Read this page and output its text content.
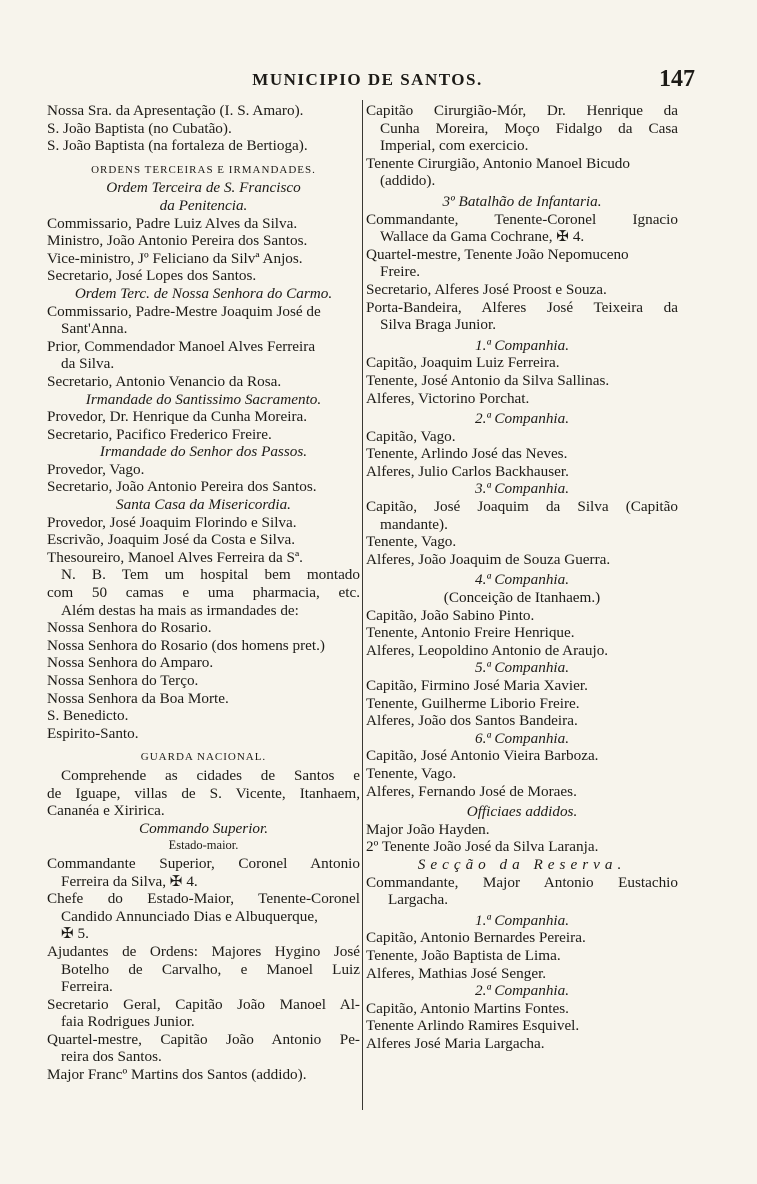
MUNICIPIO DE SANTOS.	147
Nossa Sra. da Apresentação (I. S. Amaro).
S. João Baptista (no Cubatão).
S. João Baptista (na fortaleza de Bertioga).
ORDENS TERCEIRAS E IRMANDADES.
Ordem Terceira de S. Francisco
da Penitencia.
Commissario, Padre Luiz Alves da Silva.
Ministro, João Antonio Pereira dos Santos.
Vice-ministro, Jº Feliciano da Silvª Anjos.
Secretario, José Lopes dos Santos.
Ordem Terc. de Nossa Senhora do Carmo.
Commissario, Padre-Mestre Joaquim José de
Sant'Anna.
Prior, Commendador Manoel Alves Ferreira
da Silva.
Secretario, Antonio Venancio da Rosa.
Irmandade do Santissimo Sacramento.
Provedor, Dr. Henrique da Cunha Moreira.
Secretario, Pacifico Frederico Freire.
Irmandade do Senhor dos Passos.
Provedor, Vago.
Secretario, João Antonio Pereira dos Santos.
Santa Casa da Misericordia.
Provedor, José Joaquim Florindo e Silva.
Escrivão, Joaquim José da Costa e Silva.
Thesoureiro, Manoel Alves Ferreira da Sª.
N. B. Tem um hospital bem montado
com 50 camas e uma pharmacia, etc.
Além destas ha mais as irmandades de:
Nossa Senhora do Rosario.
Nossa Senhora do Rosario (dos homens pret.)
Nossa Senhora do Amparo.
Nossa Senhora do Terço.
Nossa Senhora da Boa Morte.
S. Benedicto.
Espirito-Santo.
GUARDA NACIONAL.
Comprehende as cidades de Santos e
de Iguape, villas de S. Vicente, Itanhaem,
Cananéa e Xiririca.
Commando Superior.
Estado-maior.
Commandante Superior, Coronel Antonio
Ferreira da Silva, ✠ 4.
Chefe do Estado-Maior, Tenente-Coronel
Candido Annunciado Dias e Albuquerque,
✠ 5.
Ajudantes de Ordens: Majores Hygino José
Botelho de Carvalho, e Manoel Luiz
Ferreira.
Secretario Geral, Capitão João Manoel Al-
faia Rodrigues Junior.
Quartel-mestre, Capitão João Antonio Pe-
reira dos Santos.
Major Francº Martins dos Santos (addido).
Capitão Cirurgião-Mór, Dr. Henrique da
Cunha Moreira, Moço Fidalgo da Casa
Imperial, com exercicio.
Tenente Cirurgião, Antonio Manoel Bicudo
(addido).
3º Batalhão de Infantaria.
Commandante, Tenente-Coronel Ignacio
Wallace da Gama Cochrane, ✠ 4.
Quartel-mestre, Tenente João Nepomuceno
Freire.
Secretario, Alferes José Proost e Souza.
Porta-Bandeira, Alferes José Teixeira da
Silva Braga Junior.
1.ª Companhia.
Capitão, Joaquim Luiz Ferreira.
Tenente, José Antonio da Silva Sallinas.
Alferes, Victorino Porchat.
2.ª Companhia.
Capitão, Vago.
Tenente, Arlindo José das Neves.
Alferes, Julio Carlos Backhauser.
3.ª Companhia.
Capitão, José Joaquim da Silva (Capitão
mandante).
Tenente, Vago.
Alferes, João Joaquim de Souza Guerra.
4.ª Companhia.
(Conceição de Itanhaem.)
Capitão, João Sabino Pinto.
Tenente, Antonio Freire Henrique.
Alferes, Leopoldino Antonio de Araujo.
5.ª Companhia.
Capitão, Firmino José Maria Xavier.
Tenente, Guilherme Liborio Freire.
Alferes, João dos Santos Bandeira.
6.ª Companhia.
Capitão, José Antonio Vieira Barboza.
Tenente, Vago.
Alferes, Fernando José de Moraes.
Officiaes addidos.
Major João Hayden.
2º Tenente João José da Silva Laranja.
Secção da Reserva.
Commandante, Major Antonio Eustachio
Largacha.
1.ª Companhia.
Capitão, Antonio Bernardes Pereira.
Tenente, João Baptista de Lima.
Alferes, Mathias José Senger.
2.ª Companhia.
Capitão, Antonio Martins Fontes.
Tenente Arlindo Ramires Esquivel.
Alferes José Maria Largacha.
